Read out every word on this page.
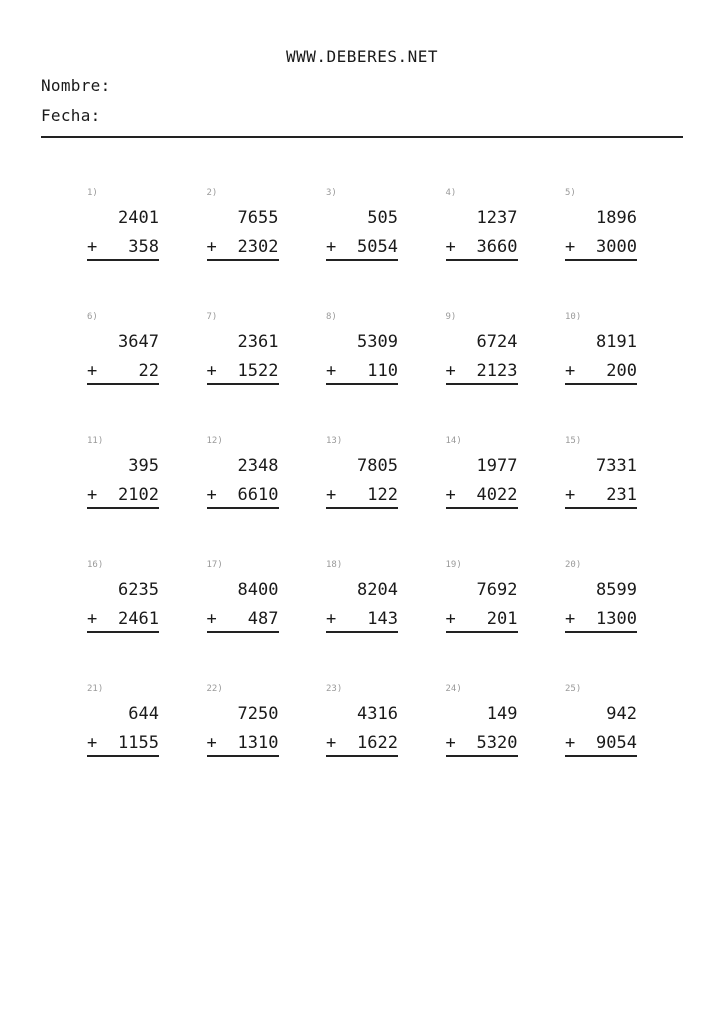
WWW.DEBERES.NET
Nombre:
Fecha:
1)
2401
+ 358
2)
7655
+ 2302
3)
505
+ 5054
4)
1237
+ 3660
5)
1896
+ 3000
6)
3647
+ 22
7)
2361
+ 1522
8)
5309
+ 110
9)
6724
+ 2123
10)
8191
+ 200
11)
395
+ 2102
12)
2348
+ 6610
13)
7805
+ 122
14)
1977
+ 4022
15)
7331
+ 231
16)
6235
+ 2461
17)
8400
+ 487
18)
8204
+ 143
19)
7692
+ 201
20)
8599
+ 1300
21)
644
+ 1155
22)
7250
+ 1310
23)
4316
+ 1622
24)
149
+ 5320
25)
942
+ 9054
